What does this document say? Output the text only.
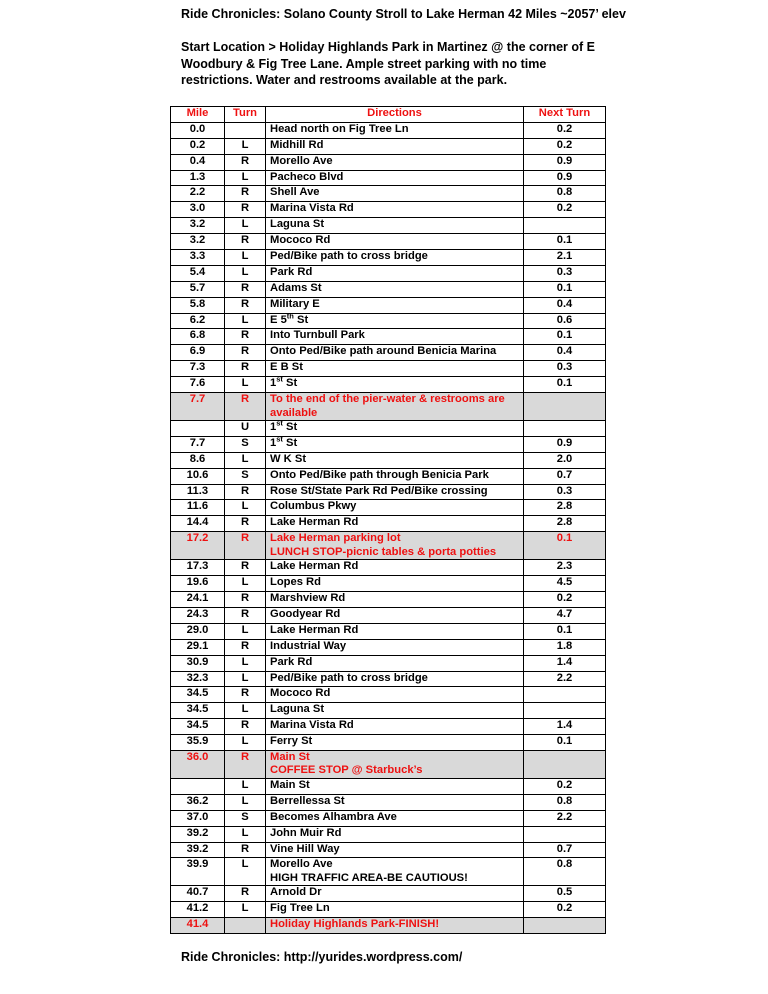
Ride Chronicles: Solano County Stroll to Lake Herman 42 Miles ~2057’ elev
Start Location > Holiday Highlands Park in Martinez @ the corner of E Woodbury & Fig Tree Lane. Ample street parking with no time restrictions. Water and restrooms available at the park.
Mile	Turn	Directions	Next Turn
0.0		Head north on Fig Tree Ln	0.2
0.2	L	Midhill Rd	0.2
0.4	R	Morello Ave	0.9
1.3	L	Pacheco Blvd	0.9
2.2	R	Shell Ave	0.8
3.0	R	Marina Vista Rd	0.2
3.2	L	Laguna St	
3.2	R	Mococo Rd	0.1
3.3	L	Ped/Bike path to cross bridge	2.1
5.4	L	Park Rd	0.3
5.7	R	Adams St	0.1
5.8	R	Military E	0.4
6.2	L	E 5th St	0.6
6.8	R	Into Turnbull Park	0.1
6.9	R	Onto Ped/Bike path around Benicia Marina	0.4
7.3	R	E B St	0.3
7.6	L	1st St	0.1
7.7	R	To the end of the pier-water & restrooms are
available	
	U	1st St	
7.7	S	1st St	0.9
8.6	L	W K St	2.0
10.6	S	Onto Ped/Bike path through Benicia Park	0.7
11.3	R	Rose St/State Park Rd Ped/Bike crossing	0.3
11.6	L	Columbus Pkwy	2.8
14.4	R	Lake Herman Rd	2.8
17.2	R	Lake Herman parking lot
LUNCH STOP-picnic tables & porta potties	0.1
17.3	R	Lake Herman Rd	2.3
19.6	L	Lopes Rd	4.5
24.1	R	Marshview Rd	0.2
24.3	R	Goodyear Rd	4.7
29.0	L	Lake Herman Rd	0.1
29.1	R	Industrial Way	1.8
30.9	L	Park Rd	1.4
32.3	L	Ped/Bike path to cross bridge	2.2
34.5	R	Mococo Rd	
34.5	L	Laguna St	
34.5	R	Marina Vista Rd	1.4
35.9	L	Ferry St	0.1
36.0	R	Main St
COFFEE STOP @ Starbuck’s	
	L	Main St	0.2
36.2	L	Berrellessa St	0.8
37.0	S	Becomes Alhambra Ave	2.2
39.2	L	John Muir Rd	
39.2	R	Vine Hill Way	0.7
39.9	L	Morello Ave
HIGH TRAFFIC AREA-BE CAUTIOUS!	0.8
40.7	R	Arnold Dr	0.5
41.2	L	Fig Tree Ln	0.2
41.4		Holiday Highlands Park-FINISH!	
Ride Chronicles: http://yurides.wordpress.com/
